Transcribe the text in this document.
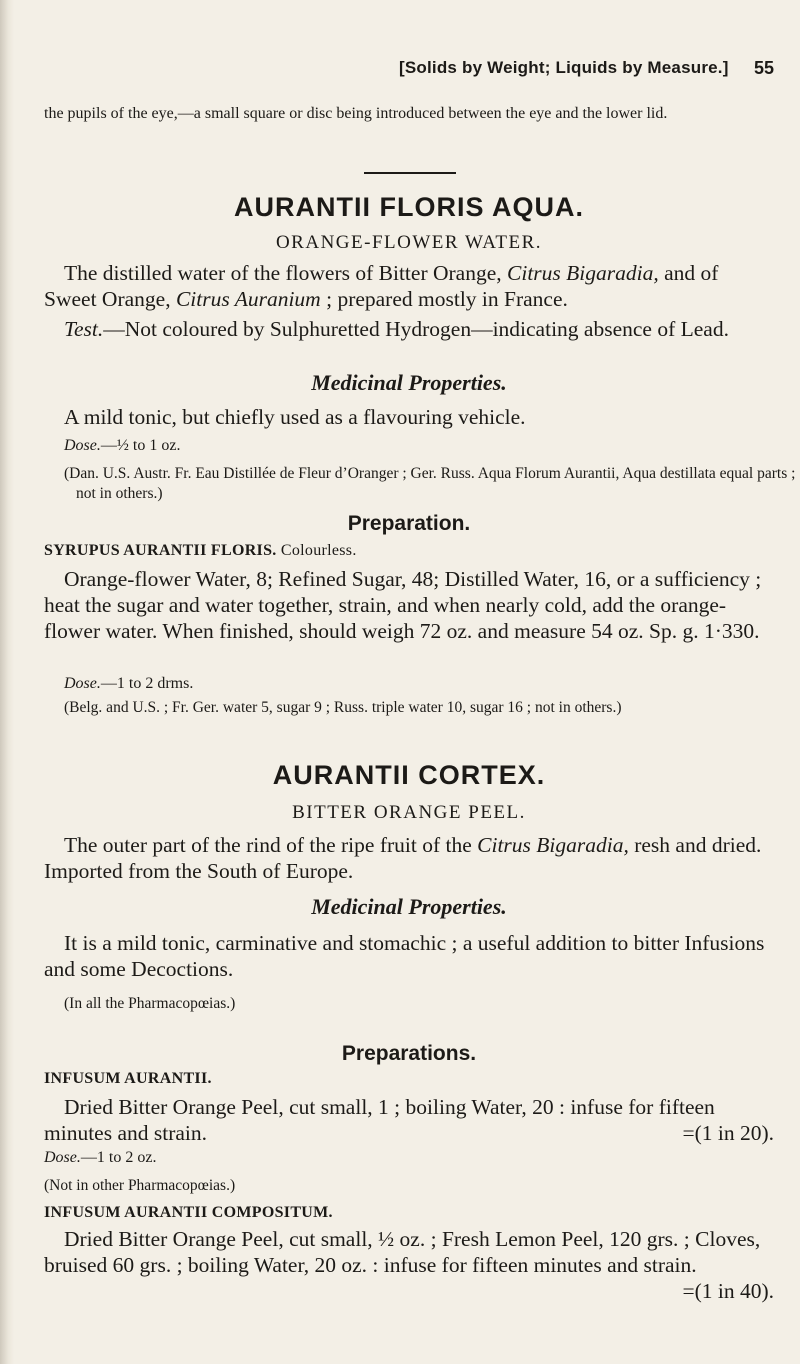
[Solids by Weight; Liquids by Measure.] 55

the pupils of the eye,—a small square or disc being introduced between the eye and the lower lid.

AURANTII FLORIS AQUA.
ORANGE-FLOWER WATER.

The distilled water of the flowers of Bitter Orange, Citrus Bigaradia, and of Sweet Orange, Citrus Auranium ; prepared mostly in France.

Test.—Not coloured by Sulphuretted Hydrogen—indicating absence of Lead.

Medicinal Properties.

A mild tonic, but chiefly used as a flavouring vehicle.

Dose.—½ to 1 oz.

(Dan. U.S. Austr. Fr. Eau Distillée de Fleur d’Oranger ; Ger. Russ. Aqua Florum Aurantii, Aqua destillata equal parts ; not in others.)

Preparation.

SYRUPUS AURANTII FLORIS. Colourless.

Orange-flower Water, 8; Refined Sugar, 48; Distilled Water, 16, or a sufficiency ; heat the sugar and water together, strain, and when nearly cold, add the orange-flower water. When finished, should weigh 72 oz. and measure 54 oz. Sp. g. 1·330.

Dose.—1 to 2 drms.

(Belg. and U.S. ; Fr. Ger. water 5, sugar 9 ; Russ. triple water 10, sugar 16 ; not in others.)

AURANTII CORTEX.
BITTER ORANGE PEEL.

The outer part of the rind of the ripe fruit of the Citrus Bigaradia, resh and dried. Imported from the South of Europe.

Medicinal Properties.

It is a mild tonic, carminative and stomachic ; a useful addition to bitter Infusions and some Decoctions.

(In all the Pharmacopœias.)

Preparations.

INFUSUM AURANTII.

Dried Bitter Orange Peel, cut small, 1 ; boiling Water, 20 : infuse for fifteen minutes and strain.	=(1 in 20).

Dose.—1 to 2 oz.

(Not in other Pharmacopœias.)

INFUSUM AURANTII COMPOSITUM.

Dried Bitter Orange Peel, cut small, ½ oz. ; Fresh Lemon Peel, 120 grs. ; Cloves, bruised 60 grs. ; boiling Water, 20 oz. : infuse for fifteen minutes and strain.
=(1 in 40).
